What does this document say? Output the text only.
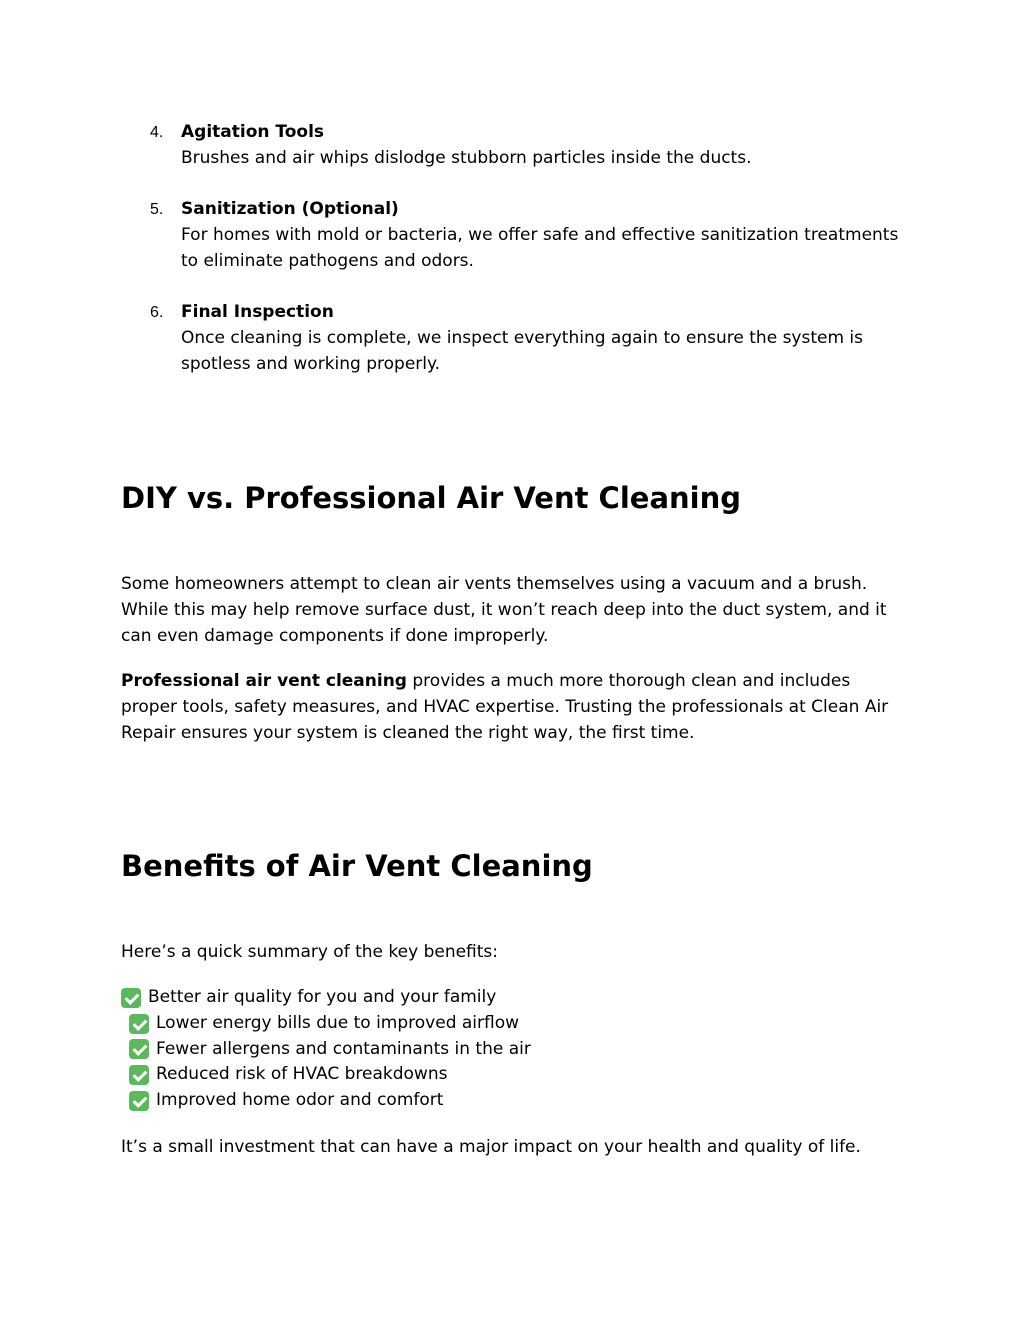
4. Agitation Tools
Brushes and air whips dislodge stubborn particles inside the ducts.
5. Sanitization (Optional)
For homes with mold or bacteria, we offer safe and effective sanitization treatments to eliminate pathogens and odors.
6. Final Inspection
Once cleaning is complete, we inspect everything again to ensure the system is spotless and working properly.
DIY vs. Professional Air Vent Cleaning

Some homeowners attempt to clean air vents themselves using a vacuum and a brush. While this may help remove surface dust, it won’t reach deep into the duct system, and it can even damage components if done improperly.

Professional air vent cleaning provides a much more thorough clean and includes proper tools, safety measures, and HVAC expertise. Trusting the professionals at Clean Air Repair ensures your system is cleaned the right way, the first time.

Benefits of Air Vent Cleaning

Here’s a quick summary of the key benefits:

Better air quality for you and your family
Lower energy bills due to improved airflow
Fewer allergens and contaminants in the air
Reduced risk of HVAC breakdowns
Improved home odor and comfort

It’s a small investment that can have a major impact on your health and quality of life.
